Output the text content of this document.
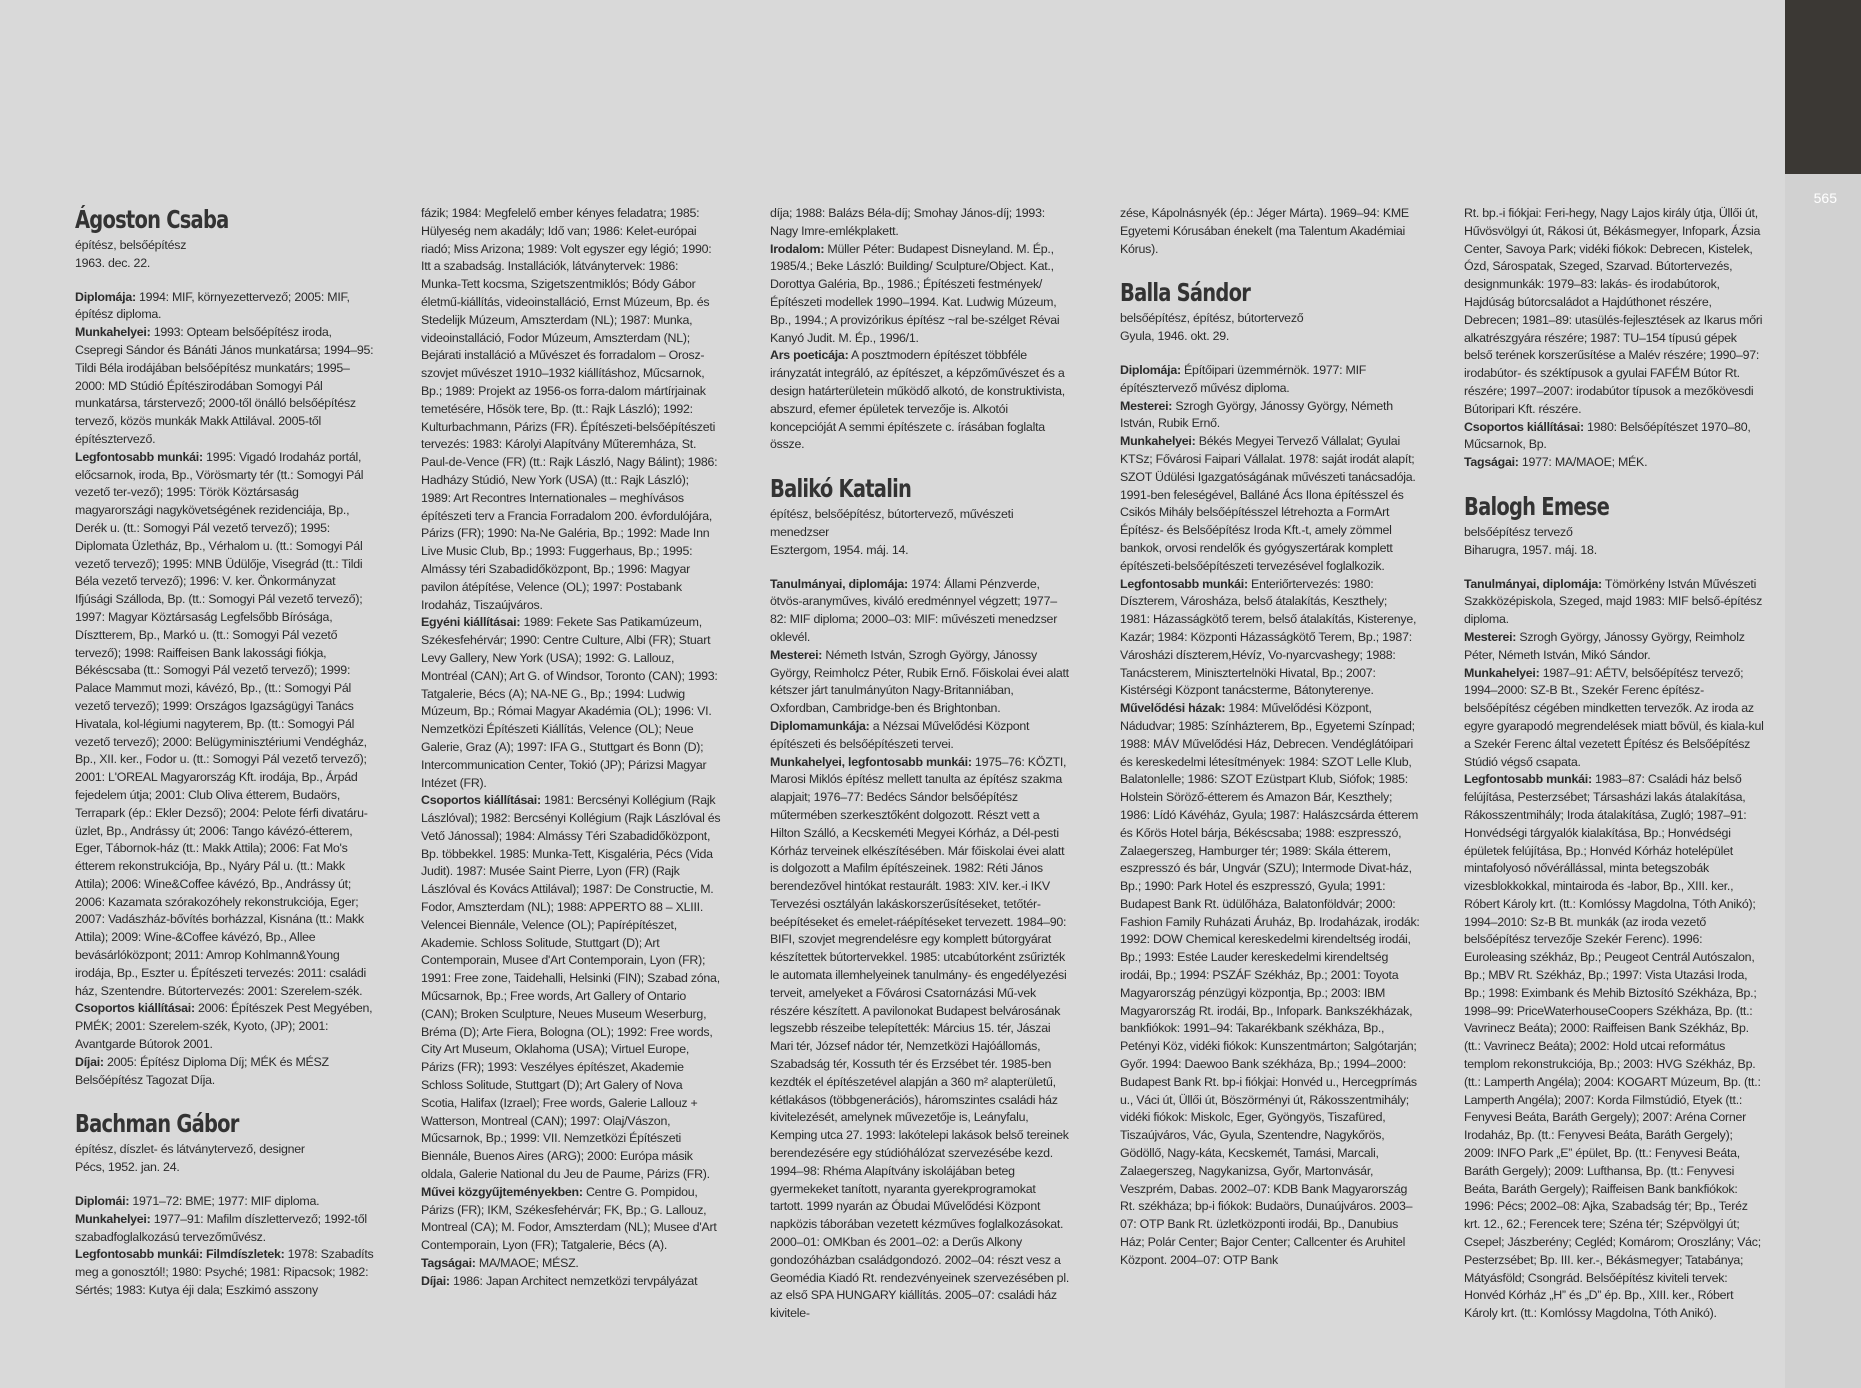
565
Ágoston Csaba
építész, belsőépítész
1963. dec. 22.

Diplomája: 1994: MIF, környezettervező; 2005: MIF, építész diploma.

Munkahelyei: 1993: Opteam belsőépítész iroda, Csepregi Sándor és Bánáti János munkatársa; 1994–95: Tildi Béla irodájában belsőépítész munkatárs; 1995–2000: MD Stúdió Építészirodában Somogyi Pál munkatársa, társtervező; 2000-től önálló belsőépítész tervező, közös munkák Makk Attilával. 2005-től építésztervező.

Legfontosabb munkái: 1995: Vigadó Irodaház portál, előcsarnok, iroda, Bp., Vörösmarty tér (tt.: Somogyi Pál vezető ter-vező); 1995: Török Köztársaság magyarországi nagykövetségének rezidenciája, Bp., Derék u. (tt.: Somogyi Pál vezető tervező); 1995: Diplomata Üzletház, Bp., Vérhalom u. (tt.: Somogyi Pál vezető tervező); 1995: MNB Üdülője, Visegrád (tt.: Tildi Béla vezető tervező); 1996: V. ker. Önkormányzat Ifjúsági Szálloda, Bp. (tt.: Somogyi Pál vezető tervező); 1997: Magyar Köztársaság Legfelsőbb Bírósága, Dísztterem, Bp., Markó u. (tt.: Somogyi Pál vezető tervező); 1998: Raiffeisen Bank lakossági fiókja, Békéscsaba (tt.: Somogyi Pál vezető tervező); 1999: Palace Mammut mozi, kávézó, Bp., (tt.: Somogyi Pál vezető tervező); 1999: Országos Igazságügyi Tanács Hivatala, kol-légiumi nagyterem, Bp. (tt.: Somogyi Pál vezető tervező); 2000: Belügyminisztériumi Vendégház, Bp., XII. ker., Fodor u. (tt.: Somogyi Pál vezető tervező); 2001: L'OREAL Magyarország Kft. irodája, Bp., Árpád fejedelem útja; 2001: Club Oliva étterem, Budaörs, Terrapark (ép.: Ekler Dezső); 2004: Pelote férfi divatáru-üzlet, Bp., Andrássy út; 2006: Tango kávézó-étterem, Eger, Tábornok-ház (tt.: Makk Attila); 2006: Fat Mo's étterem rekonstrukciója, Bp., Nyáry Pál u. (tt.: Makk Attila); 2006: Wine&Coffee kávézó, Bp., Andrássy út; 2006: Kazamata szórakozóhely rekonstrukciója, Eger; 2007: Vadászház-bővítés borházzal, Kisnána (tt.: Makk Attila); 2009: Wine-&Coffee kávézó, Bp., Allee bevásárlóközpont; 2011: Amrop Kohlmann&Young irodája, Bp., Eszter u. Építészeti tervezés: 2011: családi ház, Szentendre. Bútortervezés: 2001: Szerelem-szék.

Csoportos kiállításai: 2006: Építészek Pest Megyében, PMÉK; 2001: Szerelem-szék, Kyoto, (JP); 2001: Avantgarde Bútorok 2001.

Díjai: 2005: Építész Diploma Díj; MÉK és MÉSZ Belsőépítész Tagozat Díja.

Bachman Gábor
építész, díszlet- és látványtervező, designer
Pécs, 1952. jan. 24.

Diplomái: 1971–72: BME; 1977: MIF diploma.

Munkahelyei: 1977–91: Mafilm díszlettervező; 1992-től szabadfoglalkozású tervezőművész.

Legfontosabb munkái: Filmdíszletek: 1978: Szabadíts meg a gonosztól!; 1980: Psyché; 1981: Ripacsok; 1982: Sértés; 1983: Kutya éji dala; Eszkimó asszony

fázik; 1984: Megfelelő ember kényes feladatra; 1985: Hülyeség nem akadály; Idő van; 1986: Kelet-európai riadó; Miss Arizona; 1989: Volt egyszer egy légió; 1990: Itt a szabadság. Installációk, látványtervek: 1986: Munka-Tett kocsma, Szigetszentmiklós; Bódy Gábor életmű-kiállítás, videoinstalláció, Ernst Múzeum, Bp. és Stedelijk Múzeum, Amszterdam (NL); 1987: Munka, videoinstalláció, Fodor Múzeum, Amszterdam (NL); Bejárati installáció a Művészet és forradalom – Orosz-szovjet művészet 1910–1932 kiállításhoz, Műcsarnok, Bp.; 1989: Projekt az 1956-os forra-dalom mártírjainak temetésére, Hősök tere, Bp. (tt.: Rajk László); 1992: Kulturbachmann, Párizs (FR). Építészeti-belsőépítészeti tervezés: 1983: Károlyi Alapítvány Műteremháza, St. Paul-de-Vence (FR) (tt.: Rajk László, Nagy Bálint); 1986: Hadházy Stúdió, New York (USA) (tt.: Rajk László); 1989: Art Recontres Internationales – meghívásos építészeti terv a Francia Forradalom 200. évfordulójára, Párizs (FR); 1990: Na-Ne Galéria, Bp.; 1992: Made Inn Live Music Club, Bp.; 1993: Fuggerhaus, Bp.; 1995: Almássy téri Szabadidőközpont, Bp.; 1996: Magyar pavilon átépítése, Velence (OL); 1997: Postabank Irodaház, Tiszaújváros.

Egyéni kiállításai: 1989: Fekete Sas Patikamúzeum, Székesfehérvár; 1990: Centre Culture, Albi (FR); Stuart Levy Gallery, New York (USA); 1992: G. Lallouz, Montréal (CAN); Art G. of Windsor, Toronto (CAN); 1993: Tatgalerie, Bécs (A); NA-NE G., Bp.; 1994: Ludwig Múzeum, Bp.; Római Magyar Akadémia (OL); 1996: VI. Nemzetközi Építészeti Kiállítás, Velence (OL); Neue Galerie, Graz (A); 1997: IFA G., Stuttgart és Bonn (D); Intercommunication Center, Tokió (JP); Párizsi Magyar Intézet (FR).

Csoportos kiállításai: 1981: Bercsényi Kollégium (Rajk Lászlóval); 1982: Bercsényi Kollégium (Rajk Lászlóval és Vető Jánossal); 1984: Almássy Téri Szabadidőközpont, Bp. többekkel. 1985: Munka-Tett, Kisgaléria, Pécs (Vida Judit). 1987: Musée Saint Pierre, Lyon (FR) (Rajk Lászlóval és Kovács Attilával); 1987: De Constructie, M. Fodor, Amszterdam (NL); 1988: APPERTO 88 – XLIII. Velencei Biennále, Velence (OL); Papírépítészet, Akademie. Schloss Solitude, Stuttgart (D); Art Contemporain, Musee d'Art Contemporain, Lyon (FR); 1991: Free zone, Taidehalli, Helsinki (FIN); Szabad zóna, Műcsarnok, Bp.; Free words, Art Gallery of Ontario (CAN); Broken Sculpture, Neues Museum Weserburg, Bréma (D); Arte Fiera, Bologna (OL); 1992: Free words, City Art Museum, Oklahoma (USA); Virtuel Europe, Párizs (FR); 1993: Veszélyes építészet, Akademie Schloss Solitude, Stuttgart (D); Art Galery of Nova Scotia, Halifax (Izrael); Free words, Galerie Lallouz + Watterson, Montreal (CAN); 1997: Olaj/Vászon, Műcsarnok, Bp.; 1999: VII. Nemzetközi Építészeti Biennále, Buenos Aires (ARG); 2000: Európa másik oldala, Galerie National du Jeu de Paume, Párizs (FR).

Művei közgyűjteményekben: Centre G. Pompidou, Párizs (FR); IKM, Székesfehérvár; FK, Bp.; G. Lallouz, Montreal (CA); M. Fodor, Amszterdam (NL); Musee d'Art Contemporain, Lyon (FR); Tatgalerie, Bécs (A).

Tagságai: MA/MAOE; MÉSZ.

Díjai: 1986: Japan Architect nemzetközi tervpályázat

díja; 1988: Balázs Béla-díj; Smohay János-díj; 1993: Nagy Imre-emlékplakett.

Irodalom: Müller Péter: Budapest Disneyland. M. Ép., 1985/4.; Beke László: Building/ Sculpture/Object. Kat., Dorottya Galéria, Bp., 1986.; Építészeti festmények/ Építészeti modellek 1990–1994. Kat. Ludwig Múzeum, Bp., 1994.; A provizórikus építész ~ral be-szélget Révai Kanyó Judit. M. Ép., 1996/1.

Ars poeticája: A posztmodern építészet többféle irányzatát integráló, az építészet, a képzőművészet és a design határterületein működő alkotó, de konstruktivista, abszurd, efemer épületek tervezője is. Alkotói koncepcióját A semmi építészete c. írásában foglalta össze.

Balikó Katalin
építész, belsőépítész, bútortervező, művészeti menedzser
Esztergom, 1954. máj. 14.

Tanulmányai, diplomája: 1974: Állami Pénzverde, ötvös-aranyműves, kiváló eredménnyel végzett; 1977–82: MIF diploma; 2000–03: MIF: művészeti menedzser oklevél.

Mesterei: Németh István, Szrogh György, Jánossy György, Reimholcz Péter, Rubik Ernő. Főiskolai évei alatt kétszer járt tanulmányúton Nagy-Britanniában, Oxfordban, Cambridge-ben és Brightonban.

Diplomamunkája: a Nézsai Művelődési Központ építészeti és belsőépítészeti tervei.

Munkahelyei, legfontosabb munkái: 1975–76: KÖZTI, Marosi Miklós építész mellett tanulta az építész szakma alapjait; 1976–77: Bedécs Sándor belsőépítész műtermében szerkesztőként dolgozott. Részt vett a Hilton Szálló, a Kecskeméti Megyei Kórház, a Dél-pesti Kórház terveinek elkészítésében. Már főiskolai évei alatt is dolgozott a Mafilm építészeinek. 1982: Réti János berendezővel hintókat restaurált. 1983: XIV. ker.-i IKV Tervezési osztályán lakáskorszerűsítéseket, tetőtér-beépítéseket és emelet-ráépítéseket tervezett. 1984–90: BIFI, szovjet megrendelésre egy komplett bútorgyárat készítettek bútortervekkel. 1985: utcabútorként zsűrizték le automata illemhelyeinek tanulmány- és engedélyezési terveit, amelyeket a Fővárosi Csatornázási Mű-vek részére készített. A pavilonokat Budapest belvárosának legszebb részeibe telepítették: Március 15. tér, Jászai Mari tér, József nádor tér, Nemzetközi Hajóállomás, Szabadság tér, Kossuth tér és Erzsébet tér. 1985-ben kezdték el építészetével alapján a 360 m² alapterületű, kétlakásos (többgenerációs), háromszintes családi ház kivitelezését, amelynek művezetője is, Leányfalu, Kemping utca 27. 1993: lakótelepi lakások belső tereinek berendezésére egy stúdióhálózat szervezésébe kezd. 1994–98: Rhéma Alapítvány iskolájában beteg gyermekeket tanított, nyaranta gyerekprogramokat tartott. 1999 nyarán az Óbudai Művelődési Központ napközis táborában vezetett kézműves foglalkozásokat. 2000–01: OMKban és 2001–02: a Derűs Alkony gondozóházban családgondozó. 2002–04: részt vesz a Geomédia Kiadó Rt. rendezvényeinek szervezésében pl. az első SPA HUNGARY kiállítás. 2005–07: családi ház kivitele-

zése, Kápolnásnyék (ép.: Jéger Márta). 1969–94: KME Egyetemi Kórusában énekelt (ma Talentum Akadémiai Kórus).

Balla Sándor
belsőépítész, építész, bútortervező
Gyula, 1946. okt. 29.

Diplomája: Építőipari üzemmérnök. 1977: MIF építésztervező művész diploma.

Mesterei: Szrogh György, Jánossy György, Németh István, Rubik Ernő.

Munkahelyei: Békés Megyei Tervező Vállalat; Gyulai KTSz; Fővárosi Faipari Vállalat. 1978: saját irodát alapít; SZOT Üdülési Igazgatóságának művészeti tanácsadója. 1991-ben feleségével, Balláné Ács Ilona építésszel és Csikós Mihály belsőépítésszel létrehozta a FormArt Építész- és Belsőépítész Iroda Kft.-t, amely zömmel bankok, orvosi rendelők és gyógyszertárak komplett építészeti-belsőépítészeti tervezésével foglalkozik.

Legfontosabb munkái: Enteriőrtervezés: 1980: Díszterem, Városháza, belső átalakítás, Keszthely; 1981: Házasságkötő terem, belső átalakítás, Kisterenye, Kazár; 1984: Központi Házasságkötő Terem, Bp.; 1987: Városházi díszterem,Hévíz, Vo-nyarcvashegy; 1988: Tanácsterem, Minisztertelnöki Hivatal, Bp.; 2007: Kistérségi Központ tanácsterme, Bátonyterenye.

Művelődési házak: 1984: Művelődési Központ, Nádudvar; 1985: Színházterem, Bp., Egyetemi Színpad; 1988: MÁV Művelődési Ház, Debrecen. Vendéglátóipari és kereskedelmi létesítmények: 1984: SZOT Lelle Klub, Balatonlelle; 1986: SZOT Ezüstpart Klub, Siófok; 1985: Holstein Söröző-étterem és Amazon Bár, Keszthely; 1986: Lídó Kávéház, Gyula; 1987: Halászcsárda étterem és Kőrös Hotel bárja, Békéscsaba; 1988: eszpresszó, Zalaegerszeg, Hamburger tér; 1989: Skála étterem, eszpresszó és bár, Ungvár (SZU); Intermode Divat-ház, Bp.; 1990: Park Hotel és eszpresszó, Gyula; 1991: Budapest Bank Rt. üdülőháza, Balatonföldvár; 2000: Fashion Family Ruházati Áruház, Bp. Irodaházak, irodák: 1992: DOW Chemical kereskedelmi kirendeltség irodái, Bp.; 1993: Estée Lauder kereskedelmi kirendeltség irodái, Bp.; 1994: PSZÁF Székház, Bp.; 2001: Toyota Magyarország pénzügyi központja, Bp.; 2003: IBM Magyarország Rt. irodái, Bp., Infopark. Bankszékházak, bankfiókok: 1991–94: Takarékbank székháza, Bp., Petényi Köz, vidéki fiókok: Kunszentmárton; Salgótarján; Győr. 1994: Daewoo Bank székháza, Bp.; 1994–2000: Budapest Bank Rt. bp-i fiókjai: Honvéd u., Hercegprímás u., Váci út, Üllői út, Böszörményi út, Rákosszentmihály; vidéki fiókok: Miskolc, Eger, Gyöngyös, Tiszafüred, Tiszaújváros, Vác, Gyula, Szentendre, Nagykőrös, Gödöllő, Nagy-káta, Kecskemét, Tamási, Marcali, Zalaegerszeg, Nagykanizsa, Győr, Martonvásár, Veszprém, Dabas. 2002–07: KDB Bank Magyarország Rt. székháza; bp-i fiókok: Budaörs, Dunaújváros. 2003–07: OTP Bank Rt. üzletközponti irodái, Bp., Danubius Ház; Polár Center; Bajor Center; Callcenter és Aruhitel Központ. 2004–07: OTP Bank

Rt. bp.-i fiókjai: Feri-hegy, Nagy Lajos király útja, Üllői út, Hűvösvölgyi út, Rákosi út, Békásmegyer, Infopark, Ázsia Center, Savoya Park; vidéki fiókok: Debrecen, Kistelek, Ózd, Sárospatak, Szeged, Szarvad. Bútortervezés, designmunkák: 1979–83: lakás- és irodabútorok, Hajdúság bútorcsaládot a Hajdúthonet részére, Debrecen; 1981–89: utasülés-fejlesztések az Ikarus mőri alkatrészgyára részére; 1987: TU–154 típusú gépek belső terének korszerűsítése a Malév részére; 1990–97: irodabútor- és széktípusok a gyulai FAFÉM Bútor Rt. részére; 1997–2007: irodabútor típusok a mezőkövesdi Bútoripari Kft. részére.

Csoportos kiállításai: 1980: Belsőépítészet 1970–80, Műcsarnok, Bp.

Tagságai: 1977: MA/MAOE; MÉK.

Balogh Emese
belsőépítész tervező
Biharugra, 1957. máj. 18.

Tanulmányai, diplomája: Tömörkény István Művészeti Szakközépiskola, Szeged, majd 1983: MIF belső-építész diploma.

Mesterei: Szrogh György, Jánossy György, Reimholz Péter, Németh István, Mikó Sándor.

Munkahelyei: 1987–91: AÉTV, belsőépítész tervező; 1994–2000: SZ-B Bt., Szekér Ferenc építész-belsőépítész cégében mindketten tervezők. Az iroda az egyre gyarapodó megrendelések miatt bővül, és kiala-kul a Szekér Ferenc által vezetett Építész és Belsőépítész Stúdió végső csapata.

Legfontosabb munkái: 1983–87: Családi ház belső felújítása, Pesterzsébet; Társasházi lakás átalakítása, Rákosszentmihály; Iroda átalakítása, Zugló; 1987–91: Honvédségi tárgyalók kialakítása, Bp.; Honvédségi épületek felújítása, Bp.; Honvéd Kórház hotelépület mintafolyosó nővérállással, minta betegszobák vizesblokkokkal, mintairoda és -labor, Bp., XIII. ker., Róbert Károly krt. (tt.: Komlóssy Magdolna, Tóth Anikó); 1994–2010: Sz-B Bt. munkák (az iroda vezető belsőépítész tervezője Szekér Ferenc). 1996: Euroleasing székház, Bp.; Peugeot Centrál Autószalon, Bp.; MBV Rt. Székház, Bp.; 1997: Vista Utazási Iroda, Bp.; 1998: Eximbank és Mehib Biztosító Székháza, Bp.; 1998–99: PriceWaterhouseCoopers Székháza, Bp. (tt.: Vavrinecz Beáta); 2000: Raiffeisen Bank Székház, Bp. (tt.: Vavrinecz Beáta); 2002: Hold utcai református templom rekonstrukciója, Bp.; 2003: HVG Székház, Bp. (tt.: Lamperth Angéla); 2004: KOGART Múzeum, Bp. (tt.: Lamperth Angéla); 2007: Korda Filmstúdió, Etyek (tt.: Fenyvesi Beáta, Baráth Gergely); 2007: Aréna Corner Irodaház, Bp. (tt.: Fenyvesi Beáta, Baráth Gergely); 2009: INFO Park „E” épület, Bp. (tt.: Fenyvesi Beáta, Baráth Gergely); 2009: Lufthansa, Bp. (tt.: Fenyvesi Beáta, Baráth Gergely); Raiffeisen Bank bankfiókok: 1996: Pécs; 2002–08: Ajka, Szabadság tér; Bp., Teréz krt. 12., 62.; Ferencek tere; Széna tér; Szépvölgyi út; Csepel; Jászberény; Cegléd; Komárom; Oroszlány; Vác; Pesterzsébet; Bp. III. ker.-, Békásmegyer; Tatabánya; Mátyásföld; Csongrád. Belsőépítész kiviteli tervek: Honvéd Kórház „H” és „D” ép. Bp., XIII. ker., Róbert Károly krt. (tt.: Komlóssy Magdolna, Tóth Anikó).
